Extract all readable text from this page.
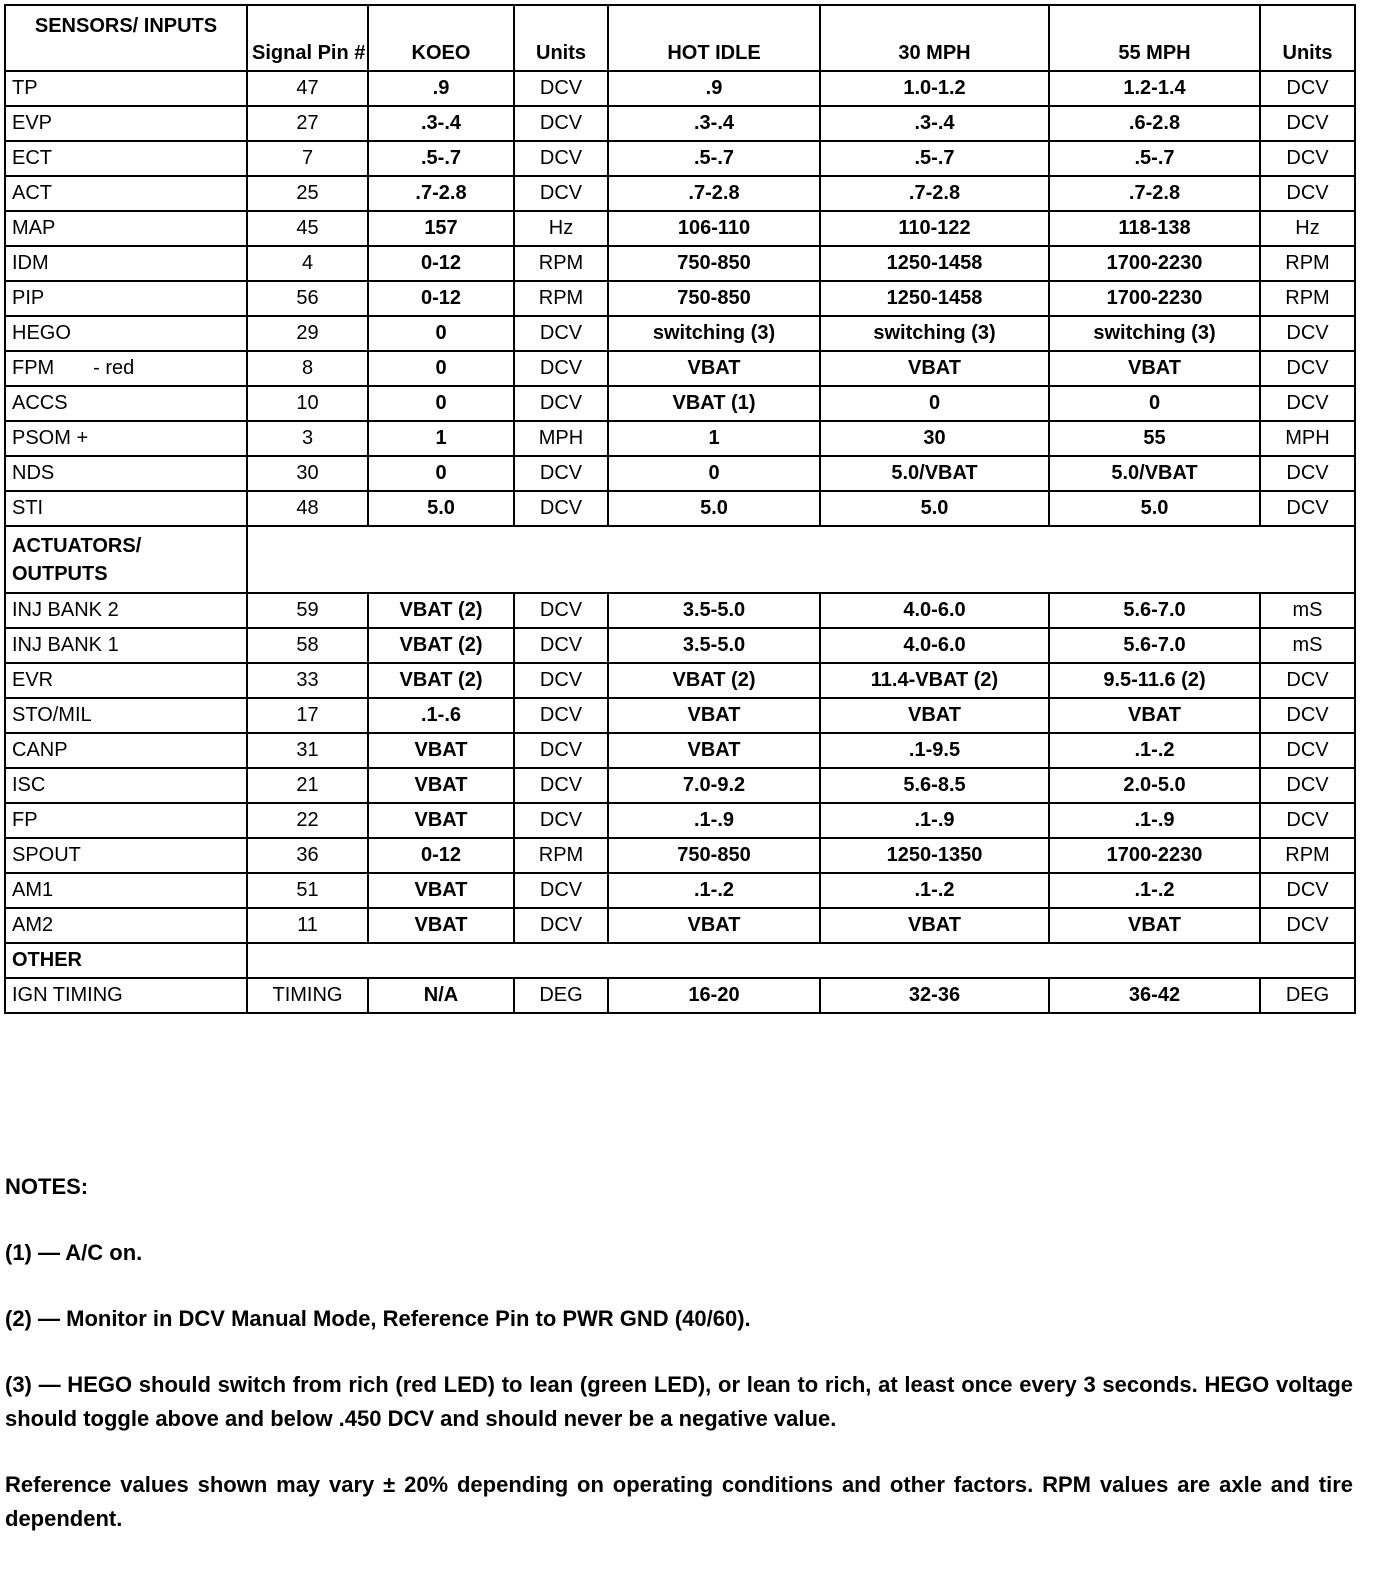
SENSORS/ INPUTS	Signal Pin #	KOEO	Units	HOT IDLE	30 MPH	55 MPH	Units
TP	47	.9	DCV	.9	1.0-1.2	1.2-1.4	DCV
EVP	27	.3-.4	DCV	.3-.4	.3-.4	.6-2.8	DCV
ECT	7	.5-.7	DCV	.5-.7	.5-.7	.5-.7	DCV
ACT	25	.7-2.8	DCV	.7-2.8	.7-2.8	.7-2.8	DCV
MAP	45	157	Hz	106-110	110-122	118-138	Hz
IDM	4	0-12	RPM	750-850	1250-1458	1700-2230	RPM
PIP	56	0-12	RPM	750-850	1250-1458	1700-2230	RPM
HEGO	29	0	DCV	switching (3)	switching (3)	switching (3)	DCV
FPM       - red	8	0	DCV	VBAT	VBAT	VBAT	DCV
ACCS	10	0	DCV	VBAT (1)	0	0	DCV
PSOM +	3	1	MPH	1	30	55	MPH
NDS	30	0	DCV	0	5.0/VBAT	5.0/VBAT	DCV
STI	48	5.0	DCV	5.0	5.0	5.0	DCV
ACTUATORS/
OUTPUTS							
INJ BANK 2	59	VBAT (2)	DCV	3.5-5.0	4.0-6.0	5.6-7.0	mS
INJ BANK 1	58	VBAT (2)	DCV	3.5-5.0	4.0-6.0	5.6-7.0	mS
EVR	33	VBAT (2)	DCV	VBAT (2)	11.4-VBAT (2)	9.5-11.6 (2)	DCV
STO/MIL	17	.1-.6	DCV	VBAT	VBAT	VBAT	DCV
CANP	31	VBAT	DCV	VBAT	.1-9.5	.1-.2	DCV
ISC	21	VBAT	DCV	7.0-9.2	5.6-8.5	2.0-5.0	DCV
FP	22	VBAT	DCV	.1-.9	.1-.9	.1-.9	DCV
SPOUT	36	0-12	RPM	750-850	1250-1350	1700-2230	RPM
AM1	51	VBAT	DCV	.1-.2	.1-.2	.1-.2	DCV
AM2	11	VBAT	DCV	VBAT	VBAT	VBAT	DCV
OTHER							
IGN TIMING	TIMING	N/A	DEG	16-20	32-36	36-42	DEG

NOTES:

(1) — A/C on.

(2) — Monitor in DCV Manual Mode, Reference Pin to PWR GND (40/60).

(3) — HEGO should switch from rich (red LED) to lean (green LED), or lean to rich, at least once every 3 seconds. HEGO voltage should toggle above and below .450 DCV and should never be a negative value.

Reference values shown may vary ± 20% depending on operating conditions and other factors. RPM values are axle and tire dependent.
